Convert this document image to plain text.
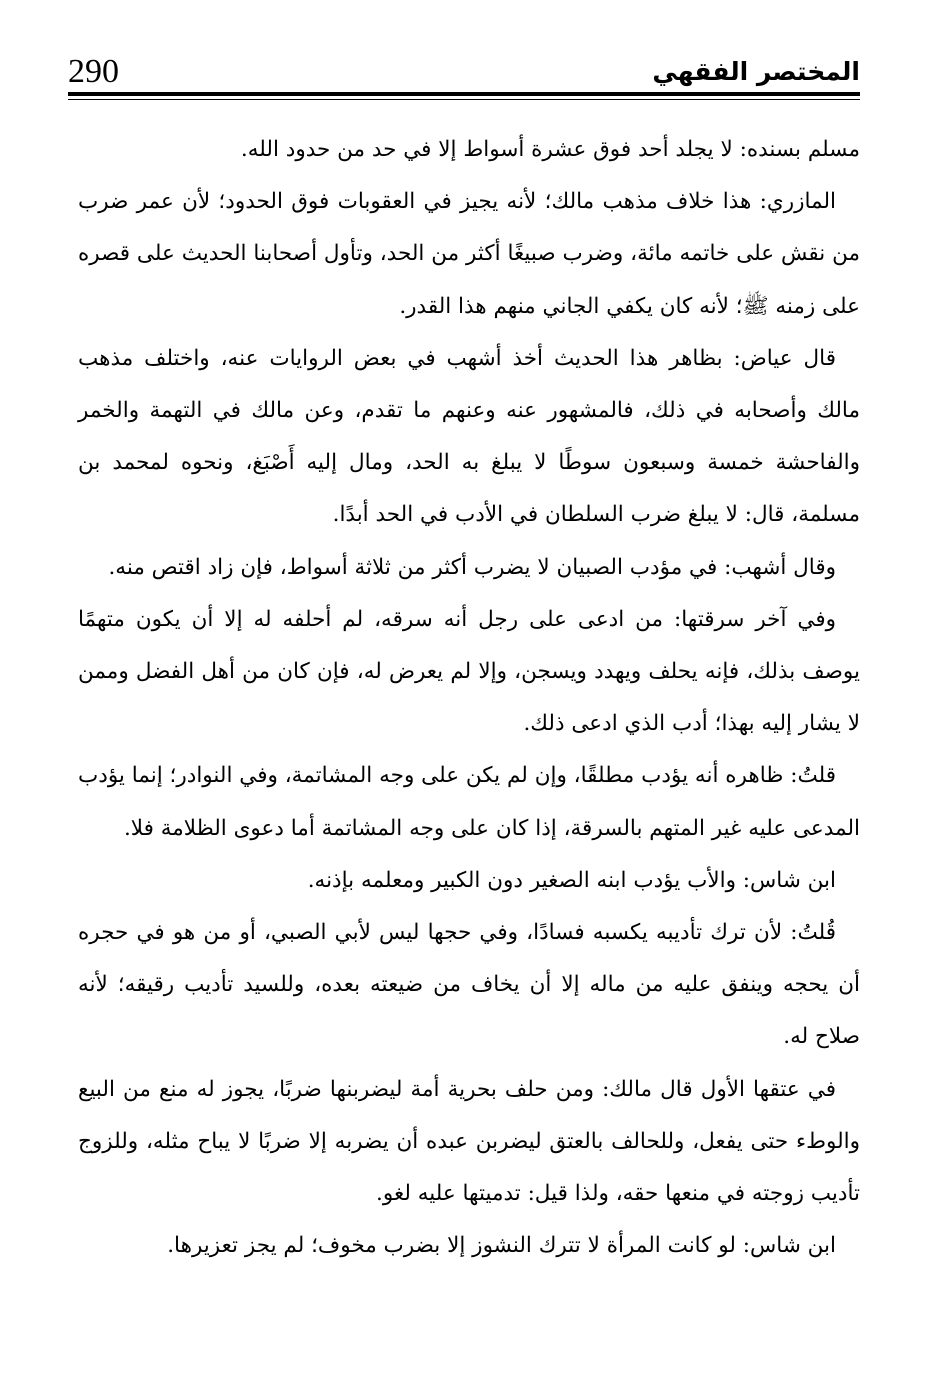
290	المختصر الفقهي

مسلم بسنده: لا يجلد أحد فوق عشرة أسواط إلا في حد من حدود الله.

المازري: هذا خلاف مذهب مالك؛ لأنه يجيز في العقوبات فوق الحدود؛ لأن عمر ضرب من نقش على خاتمه مائة، وضرب صبيغًا أكثر من الحد، وتأول أصحابنا الحديث على قصره على زمنه ﷺ؛ لأنه كان يكفي الجاني منهم هذا القدر.

قال عياض: بظاهر هذا الحديث أخذ أشهب في بعض الروايات عنه، واختلف مذهب مالك وأصحابه في ذلك، فالمشهور عنه وعنهم ما تقدم، وعن مالك في التهمة والخمر والفاحشة خمسة وسبعون سوطًا لا يبلغ به الحد، ومال إليه أَصْبَغ، ونحوه لمحمد بن مسلمة، قال: لا يبلغ ضرب السلطان في الأدب في الحد أبدًا.

وقال أشهب: في مؤدب الصبيان لا يضرب أكثر من ثلاثة أسواط، فإن زاد اقتص منه.

وفي آخر سرقتها: من ادعى على رجل أنه سرقه، لم أحلفه له إلا أن يكون متهمًا يوصف بذلك، فإنه يحلف ويهدد ويسجن، وإلا لم يعرض له، فإن كان من أهل الفضل وممن لا يشار إليه بهذا؛ أدب الذي ادعى ذلك.

قلتُ: ظاهره أنه يؤدب مطلقًا، وإن لم يكن على وجه المشاتمة، وفي النوادر؛ إنما يؤدب المدعى عليه غير المتهم بالسرقة، إذا كان على وجه المشاتمة أما دعوى الظلامة فلا.

ابن شاس: والأب يؤدب ابنه الصغير دون الكبير ومعلمه بإذنه.

قُلتُ: لأن ترك تأديبه يكسبه فسادًا، وفي حجها ليس لأبي الصبي، أو من هو في حجره أن يحجه وينفق عليه من ماله إلا أن يخاف من ضيعته بعده، وللسيد تأديب رقيقه؛ لأنه صلاح له.

في عتقها الأول قال مالك: ومن حلف بحرية أمة ليضربنها ضربًا، يجوز له منع من البيع والوطء حتى يفعل، وللحالف بالعتق ليضربن عبده أن يضربه إلا ضربًا لا يباح مثله، وللزوج تأديب زوجته في منعها حقه، ولذا قيل: تدميتها عليه لغو.

ابن شاس: لو كانت المرأة لا تترك النشوز إلا بضرب مخوف؛ لم يجز تعزيرها.
